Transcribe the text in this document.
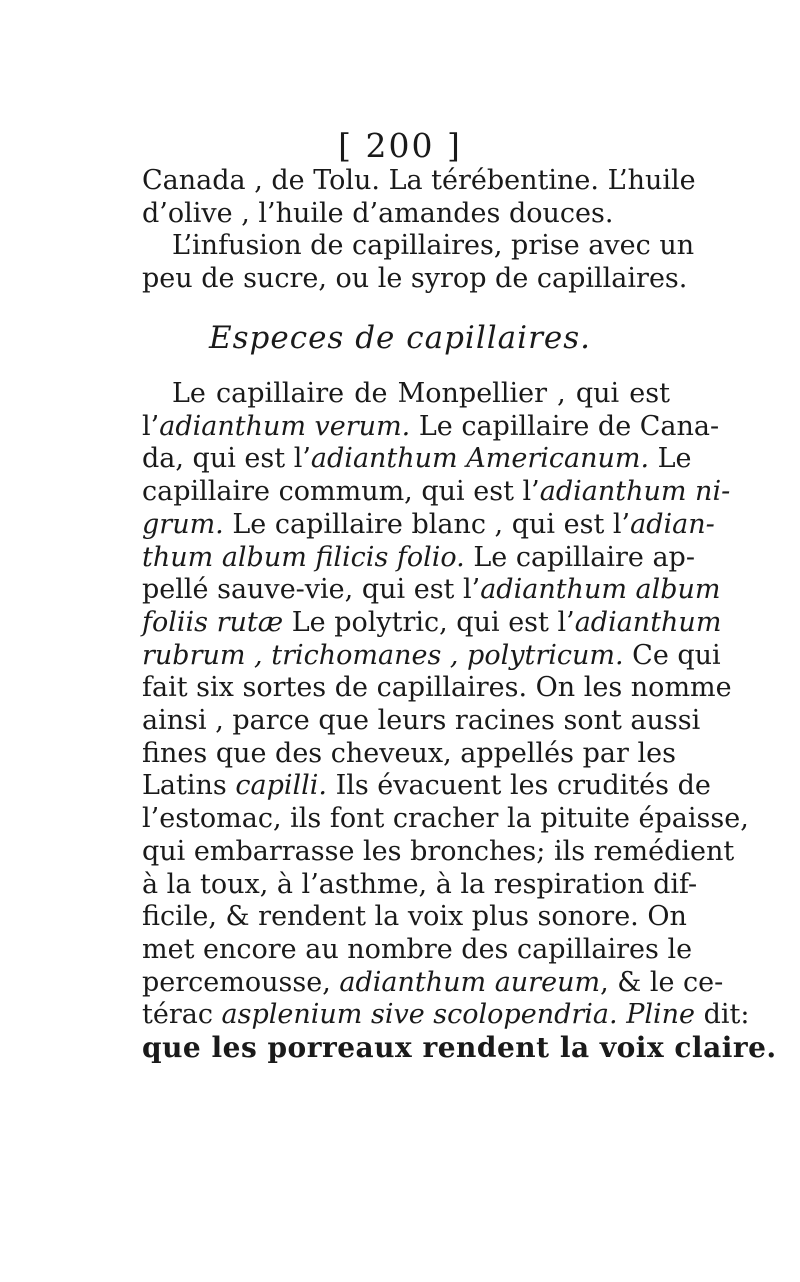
[ 200 ]
Canada , de Tolu. La térébentine. L’huile
d’olive , l’huile d’amandes douces.
L’infusion de capillaires, prise avec un
peu de sucre, ou le syrop de capillaires.
Especes de capillaires.
Le capillaire de Monpellier , qui est
l’adianthum verum. Le capillaire de Cana-
da, qui est l’adianthum Americanum. Le
capillaire commum, qui est l’adianthum ni-
grum. Le capillaire blanc , qui est l’adian-
thum album filicis folio. Le capillaire ap-
pellé sauve-vie, qui est l’adianthum album
foliis rutæ Le polytric, qui est l’adianthum
rubrum , trichomanes , polytricum. Ce qui
fait six sortes de capillaires. On les nomme
ainsi , parce que leurs racines sont aussi
fines que des cheveux, appellés par les
Latins capilli. Ils évacuent les crudités de
l’estomac, ils font cracher la pituite épaisse,
qui embarrasse les bronches; ils remédient
à la toux, à l’asthme, à la respiration dif-
ficile, & rendent la voix plus sonore. On
met encore au nombre des capillaires le
percemousse, adianthum aureum, & le ce-
térac asplenium sive scolopendria. Pline dit:
que les porreaux rendent la voix claire.
